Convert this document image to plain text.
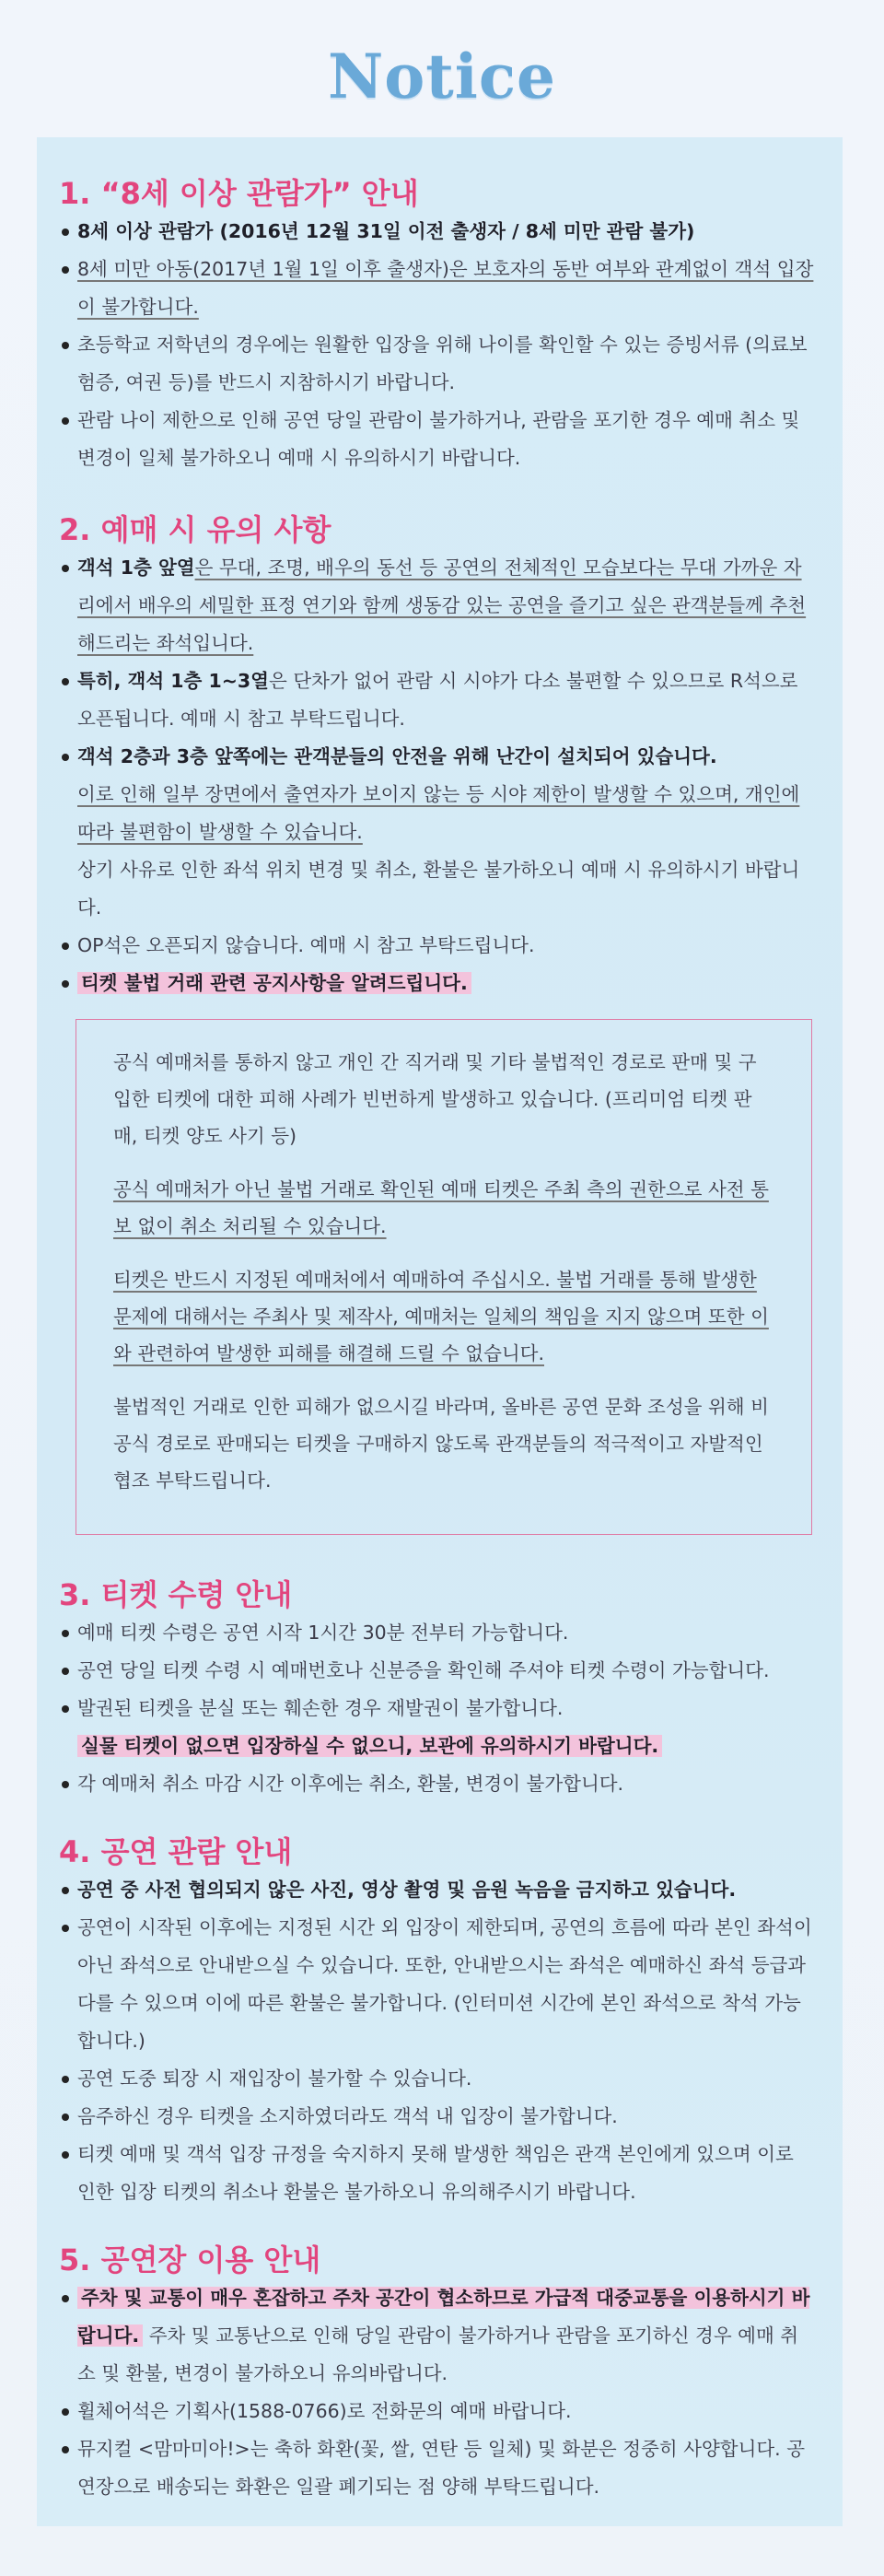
Notice
1. “8세 이상 관람가” 안내
8세 이상 관람가 (2016년 12월 31일 이전 출생자 / 8세 미만 관람 불가)
8세 미만 아동(2017년 1월 1일 이후 출생자)은 보호자의 동반 여부와 관계없이 객석 입장이 불가합니다.
초등학교 저학년의 경우에는 원활한 입장을 위해 나이를 확인할 수 있는 증빙서류 (의료보험증, 여권 등)를 반드시 지참하시기 바랍니다.
관람 나이 제한으로 인해 공연 당일 관람이 불가하거나, 관람을 포기한 경우 예매 취소 및 변경이 일체 불가하오니 예매 시 유의하시기 바랍니다.
2. 예매 시 유의 사항
객석 1층 앞열은 무대, 조명, 배우의 동선 등 공연의 전체적인 모습보다는 무대 가까운 자리에서 배우의 세밀한 표정 연기와 함께 생동감 있는 공연을 즐기고 싶은 관객분들께 추천해드리는 좌석입니다.
특히, 객석 1층 1~3열은 단차가 없어 관람 시 시야가 다소 불편할 수 있으므로 R석으로 오픈됩니다. 예매 시 참고 부탁드립니다.
객석 2층과 3층 앞쪽에는 관객분들의 안전을 위해 난간이 설치되어 있습니다.
이로 인해 일부 장면에서 출연자가 보이지 않는 등 시야 제한이 발생할 수 있으며, 개인에 따라 불편함이 발생할 수 있습니다.
상기 사유로 인한 좌석 위치 변경 및 취소, 환불은 불가하오니 예매 시 유의하시기 바랍니다.
OP석은 오픈되지 않습니다. 예매 시 참고 부탁드립니다.
티켓 불법 거래 관련 공지사항을 알려드립니다.

공식 예매처를 통하지 않고 개인 간 직거래 및 기타 불법적인 경로로 판매 및 구입한 티켓에 대한 피해 사례가 빈번하게 발생하고 있습니다. (프리미엄 티켓 판매, 티켓 양도 사기 등)

공식 예매처가 아닌 불법 거래로 확인된 예매 티켓은 주최 측의 권한으로 사전 통보 없이 취소 처리될 수 있습니다.

티켓은 반드시 지정된 예매처에서 예매하여 주십시오. 불법 거래를 통해 발생한 문제에 대해서는 주최사 및 제작사, 예매처는 일체의 책임을 지지 않으며 또한 이와 관련하여 발생한 피해를 해결해 드릴 수 없습니다.

불법적인 거래로 인한 피해가 없으시길 바라며, 올바른 공연 문화 조성을 위해 비공식 경로로 판매되는 티켓을 구매하지 않도록 관객분들의 적극적이고 자발적인 협조 부탁드립니다.

3. 티켓 수령 안내
예매 티켓 수령은 공연 시작 1시간 30분 전부터 가능합니다.
공연 당일 티켓 수령 시 예매번호나 신분증을 확인해 주셔야 티켓 수령이 가능합니다.
발권된 티켓을 분실 또는 훼손한 경우 재발권이 불가합니다.
실물 티켓이 없으면 입장하실 수 없으니, 보관에 유의하시기 바랍니다.
각 예매처 취소 마감 시간 이후에는 취소, 환불, 변경이 불가합니다.
4. 공연 관람 안내
공연 중 사전 협의되지 않은 사진, 영상 촬영 및 음원 녹음을 금지하고 있습니다.
공연이 시작된 이후에는 지정된 시간 외 입장이 제한되며, 공연의 흐름에 따라 본인 좌석이 아닌 좌석으로 안내받으실 수 있습니다. 또한, 안내받으시는 좌석은 예매하신 좌석 등급과 다를 수 있으며 이에 따른 환불은 불가합니다. (인터미션 시간에 본인 좌석으로 착석 가능합니다.)
공연 도중 퇴장 시 재입장이 불가할 수 있습니다.
음주하신 경우 티켓을 소지하였더라도 객석 내 입장이 불가합니다.
티켓 예매 및 객석 입장 규정을 숙지하지 못해 발생한 책임은 관객 본인에게 있으며 이로 인한 입장 티켓의 취소나 환불은 불가하오니 유의해주시기 바랍니다.
5. 공연장 이용 안내
주차 및 교통이 매우 혼잡하고 주차 공간이 협소하므로 가급적 대중교통을 이용하시기 바랍니다. 주차 및 교통난으로 인해 당일 관람이 불가하거나 관람을 포기하신 경우 예매 취소 및 환불, 변경이 불가하오니 유의바랍니다.
휠체어석은 기획사(1588-0766)로 전화문의 예매 바랍니다.
뮤지컬 <맘마미아!>는 축하 화환(꽃, 쌀, 연탄 등 일체) 및 화분은 정중히 사양합니다. 공연장으로 배송되는 화환은 일괄 폐기되는 점 양해 부탁드립니다.
